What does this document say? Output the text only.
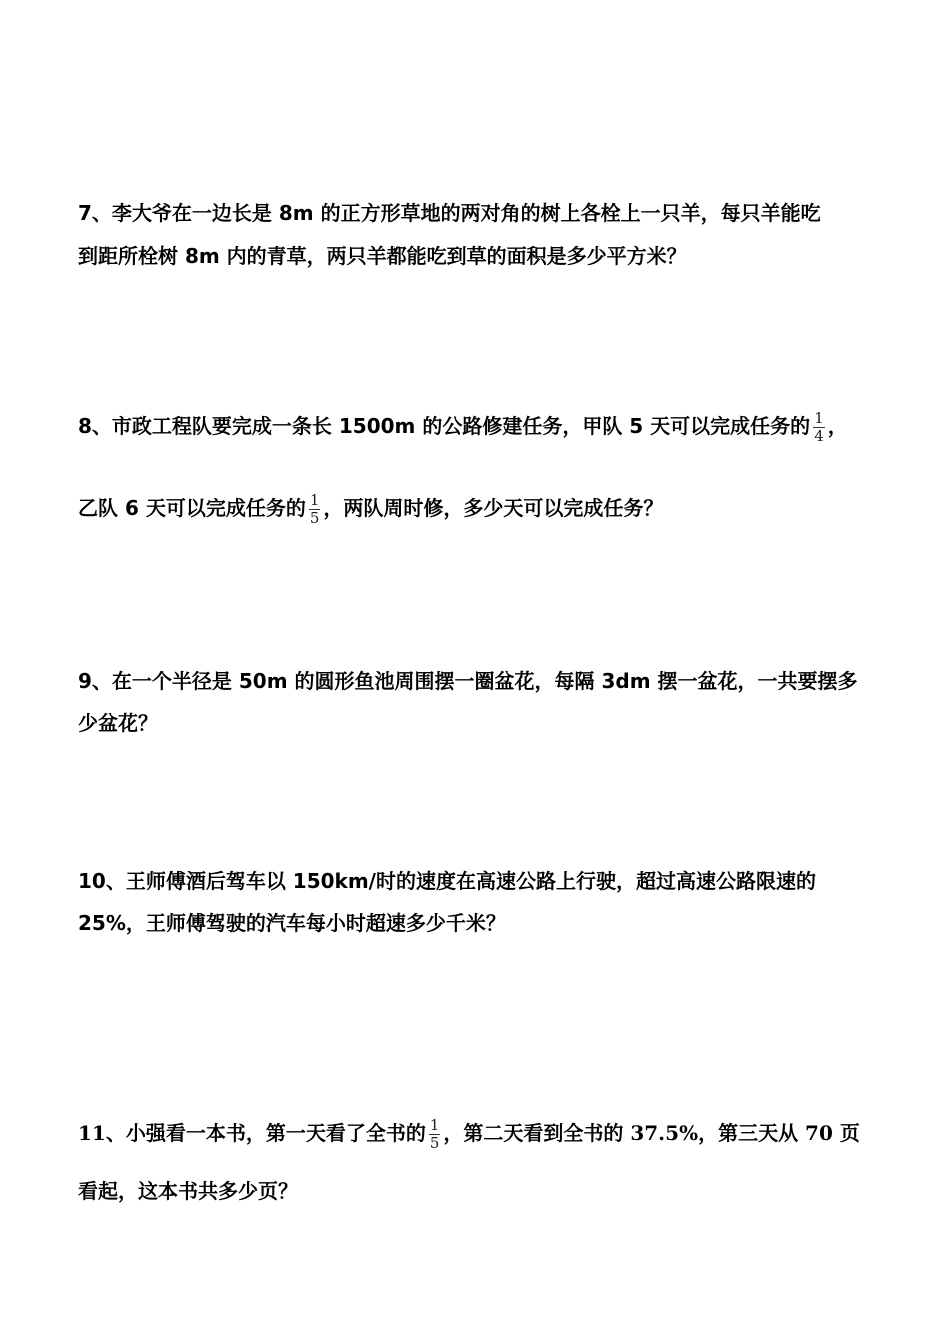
7、李大爷在一边长是 8m 的正方形草地的两对角的树上各栓上一只羊，每只羊能吃
到距所栓树 8m 内的青草，两只羊都能吃到草的面积是多少平方米？
8、市政工程队要完成一条长 1500m 的公路修建任务，甲队 5 天可以完成任务的 $\frac{1}{4}$ ，
乙队 6 天可以完成任务的 $\frac{1}{5}$ ，两队周时修，多少天可以完成任务？
9、在一个半径是 50m 的圆形鱼池周围摆一圈盆花，每隔 3dm 摆一盆花，一共要摆多
少盆花？
10、王师傅酒后驾车以 150km/时的速度在高速公路上行驶，超过高速公路限速的
25%，王师傅驾驶的汽车每小时超速多少千米？
11、小强看一本书，第一天看了全书的 $\frac{1}{5}$ ，第二天看到全书的 37.5%，第三天从 70 页
看起，这本书共多少页？
